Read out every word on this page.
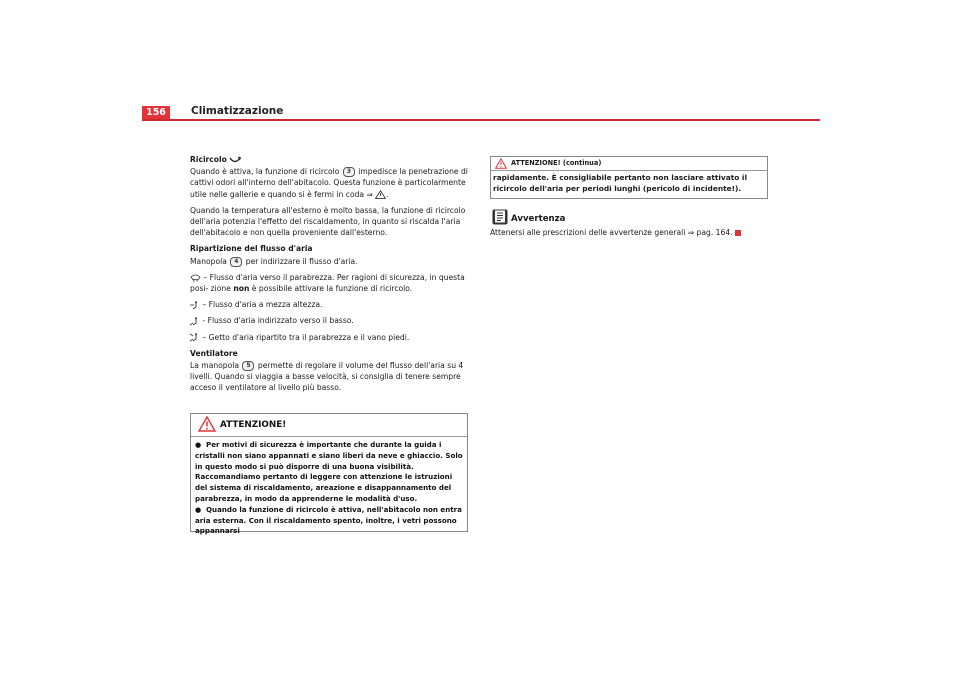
156	Climatizzazione

Ricircolo

Quando è attiva, la funzione di ricircolo 3 impedisce la penetrazione di cattivi odori all'interno dell'abitacolo. Questa funzione è particolarmente utile nelle gallerie e quando si è fermi in coda ⇒ .

Quando la temperatura all'esterno è molto bassa, la funzione di ricircolo dell'aria potenzia l'effetto del riscaldamento, in quanto si riscalda l'aria dell'abitacolo e non quella proveniente dall'esterno.

Ripartizione del flusso d'aria

Manopola 4 per indirizzare il flusso d'aria.

– Flusso d'aria verso il parabrezza. Per ragioni di sicurezza, in questa posi- zione non è possibile attivare la funzione di ricircolo.

– Flusso d'aria a mezza altezza.

- Flusso d'aria indirizzato verso il basso.

– Getto d'aria ripartito tra il parabrezza e il vano piedi.

Ventilatore

La manopola 5 permette di regolare il volume del flusso dell'aria su 4 livelli. Quando si viaggia a basse velocità, si consiglia di tenere sempre acceso il ventilatore al livello più basso.

ATTENZIONE!
● Per motivi di sicurezza è importante che durante la guida i cristalli non siano appannati e siano liberi da neve e ghiaccio. Solo in questo modo si può disporre di una buona visibilità. Raccomandiamo pertanto di leggere con attenzione le istruzioni del sistema di riscaldamento, areazione e disappannamento del parabrezza, in modo da apprenderne le modalità d'uso.
● Quando la funzione di ricircolo è attiva, nell'abitacolo non entra aria esterna. Con il riscaldamento spento, inoltre, i vetri possono appannarsi
ATTENZIONE! (continua)
rapidamente. È consigliabile pertanto non lasciare attivato il ricircolo dell'aria per periodi lunghi (pericolo di incidente!).
Avvertenza
Attenersi alle prescrizioni delle avvertenze generali ⇒ pag. 164.
